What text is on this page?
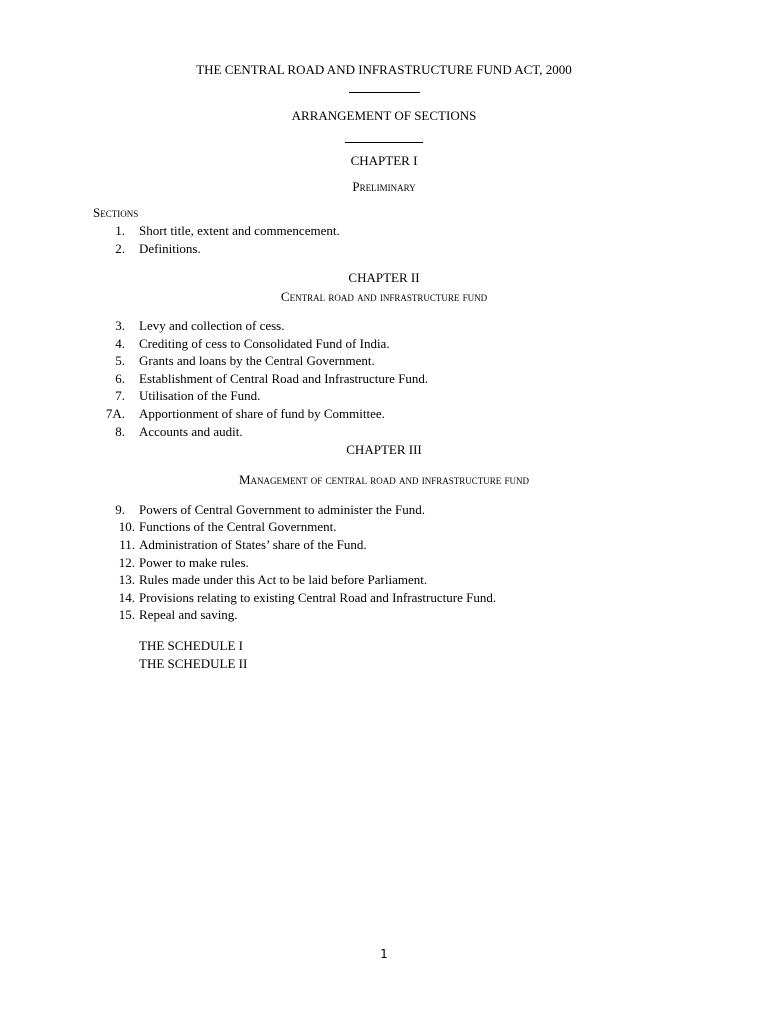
THE CENTRAL ROAD AND INFRASTRUCTURE FUND ACT, 2000

ARRANGEMENT OF SECTIONS

CHAPTER I

Preliminary

Sections

1. Short title, extent and commencement.
2. Definitions.

CHAPTER II

Central road and infrastructure fund

3. Levy and collection of cess.
4. Crediting of cess to Consolidated Fund of India.
5. Grants and loans by the Central Government.
6. Establishment of Central Road and Infrastructure Fund.
7. Utilisation of the Fund.
7A. Apportionment of share of fund by Committee.
8. Accounts and audit.

CHAPTER III

Management of central road and infrastructure fund

9. Powers of Central Government to administer the Fund.
10. Functions of the Central Government.
11. Administration of States’ share of the Fund.
12. Power to make rules.
13. Rules made under this Act to be laid before Parliament.
14. Provisions relating to existing Central Road and Infrastructure Fund.
15. Repeal and saving.

THE SCHEDULE I

THE SCHEDULE II

1
